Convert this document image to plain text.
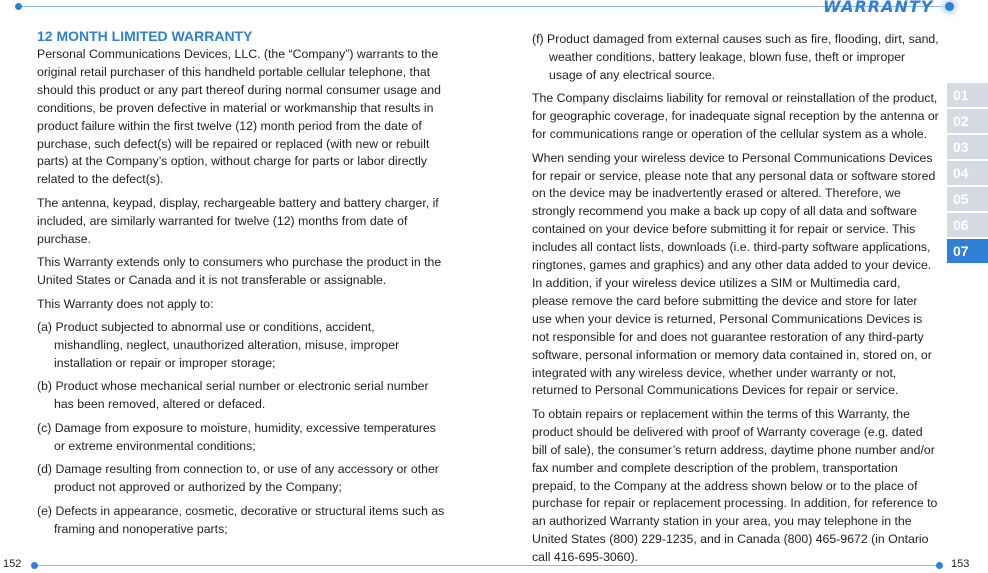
WARRANTY
01
02
03
04
05
06
07
12 MONTH LIMITED WARRANTY

Personal Communications Devices, LLC. (the “Company”) warrants to the original retail purchaser of this handheld portable cellular telephone, that should this product or any part thereof during normal consumer usage and conditions, be proven defective in material or workmanship that results in product failure within the first twelve (12) month period from the date of purchase, such defect(s) will be repaired or replaced (with new or rebuilt parts) at the Company’s option, without charge for parts or labor directly related to the defect(s).

The antenna, keypad, display, rechargeable battery and battery charger, if included, are similarly warranted for twelve (12) months from date of purchase.

This Warranty extends only to consumers who purchase the product in the United States or Canada and it is not transferable or assignable.

This Warranty does not apply to:

(a) Product subjected to abnormal use or conditions, accident, mishandling, neglect, unauthorized alteration, misuse, improper installation or repair or improper storage;

(b) Product whose mechanical serial number or electronic serial number has been removed, altered or defaced.

(c) Damage from exposure to moisture, humidity, excessive temperatures or extreme environmental conditions;

(d) Damage resulting from connection to, or use of any accessory or other product not approved or authorized by the Company;

(e) Defects in appearance, cosmetic, decorative or structural items such as framing and nonoperative parts;

(f) Product damaged from external causes such as fire, flooding, dirt, sand, weather conditions, battery leakage, blown fuse, theft or improper usage of any electrical source.

The Company disclaims liability for removal or reinstallation of the product, for geographic coverage, for inadequate signal reception by the antenna or for communications range or operation of the cellular system as a whole.

When sending your wireless device to Personal Communications Devices for repair or service, please note that any personal data or software stored on the device may be inadvertently erased or altered. Therefore, we strongly recommend you make a back up copy of all data and software contained on your device before submitting it for repair or service. This includes all contact lists, downloads (i.e. third-party software applications, ringtones, games and graphics) and any other data added to your device. In addition, if your wireless device utilizes a SIM or Multimedia card, please remove the card before submitting the device and store for later use when your device is returned, Personal Communications Devices is not responsible for and does not guarantee restoration of any third-party software, personal information or memory data contained in, stored on, or integrated with any wireless device, whether under warranty or not, returned to Personal Communications Devices for repair or service.

To obtain repairs or replacement within the terms of this Warranty, the product should be delivered with proof of Warranty coverage (e.g. dated bill of sale), the consumer’s return address, daytime phone number and/or fax number and complete description of the problem, transportation prepaid, to the Company at the address shown below or to the place of purchase for repair or replacement processing. In addition, for reference to an authorized Warranty station in your area, you may telephone in the United States (800) 229-1235, and in Canada (800) 465-9672 (in Ontario call 416-695-3060).

152	153
